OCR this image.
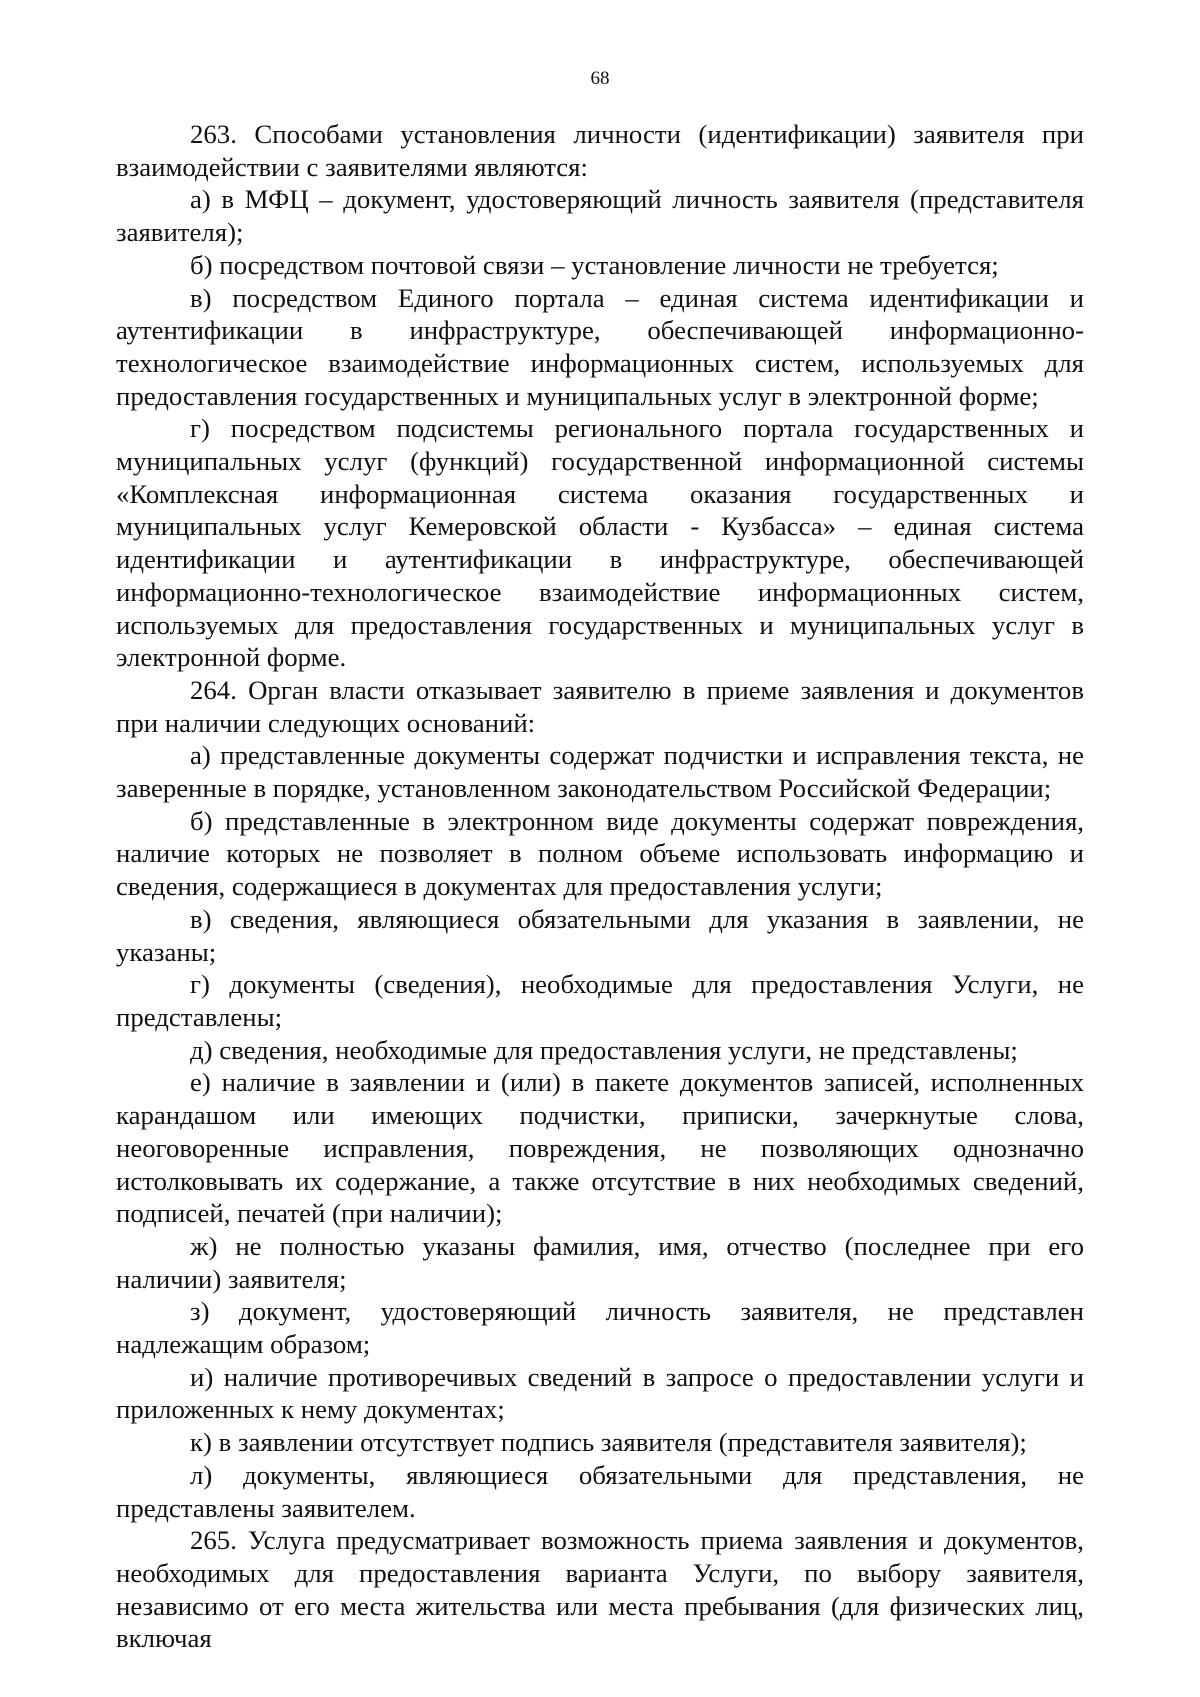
68

263. Способами установления личности (идентификации) заявителя при взаимодействии с заявителями являются:

а) в МФЦ – документ, удостоверяющий личность заявителя (представителя заявителя);

б) посредством почтовой связи – установление личности не требуется;

в) посредством Единого портала – единая система идентификации и аутентификации в инфраструктуре, обеспечивающей информационно-технологическое взаимодействие информационных систем, используемых для предоставления государственных и муниципальных услуг в электронной форме;

г) посредством подсистемы регионального портала государственных и муниципальных услуг (функций) государственной информационной системы «Комплексная информационная система оказания государственных и муниципальных услуг Кемеровской области - Кузбасса» – единая система идентификации и аутентификации в инфраструктуре, обеспечивающей информационно-технологическое взаимодействие информационных систем, используемых для предоставления государственных и муниципальных услуг в электронной форме.

264. Орган власти отказывает заявителю в приеме заявления и документов при наличии следующих оснований:

а) представленные документы содержат подчистки и исправления текста, не заверенные в порядке, установленном законодательством Российской Федерации;

б) представленные в электронном виде документы содержат повреждения, наличие которых не позволяет в полном объеме использовать информацию и сведения, содержащиеся в документах для предоставления услуги;

в) сведения, являющиеся обязательными для указания в заявлении, не указаны;

г) документы (сведения), необходимые для предоставления Услуги, не представлены;

д) сведения, необходимые для предоставления услуги, не представлены;

е) наличие в заявлении и (или) в пакете документов записей, исполненных карандашом или имеющих подчистки, приписки, зачеркнутые слова, неоговоренные исправления, повреждения, не позволяющих однозначно истолковывать их содержание, а также отсутствие в них необходимых сведений, подписей, печатей (при наличии);

ж) не полностью указаны фамилия, имя, отчество (последнее при его наличии) заявителя;

з) документ, удостоверяющий личность заявителя, не представлен надлежащим образом;

и) наличие противоречивых сведений в запросе о предоставлении услуги и приложенных к нему документах;

к) в заявлении отсутствует подпись заявителя (представителя заявителя);

л) документы, являющиеся обязательными для представления, не представлены заявителем.

265. Услуга предусматривает возможность приема заявления и документов, необходимых для предоставления варианта Услуги, по выбору заявителя, независимо от его места жительства или места пребывания (для физических лиц, включая
